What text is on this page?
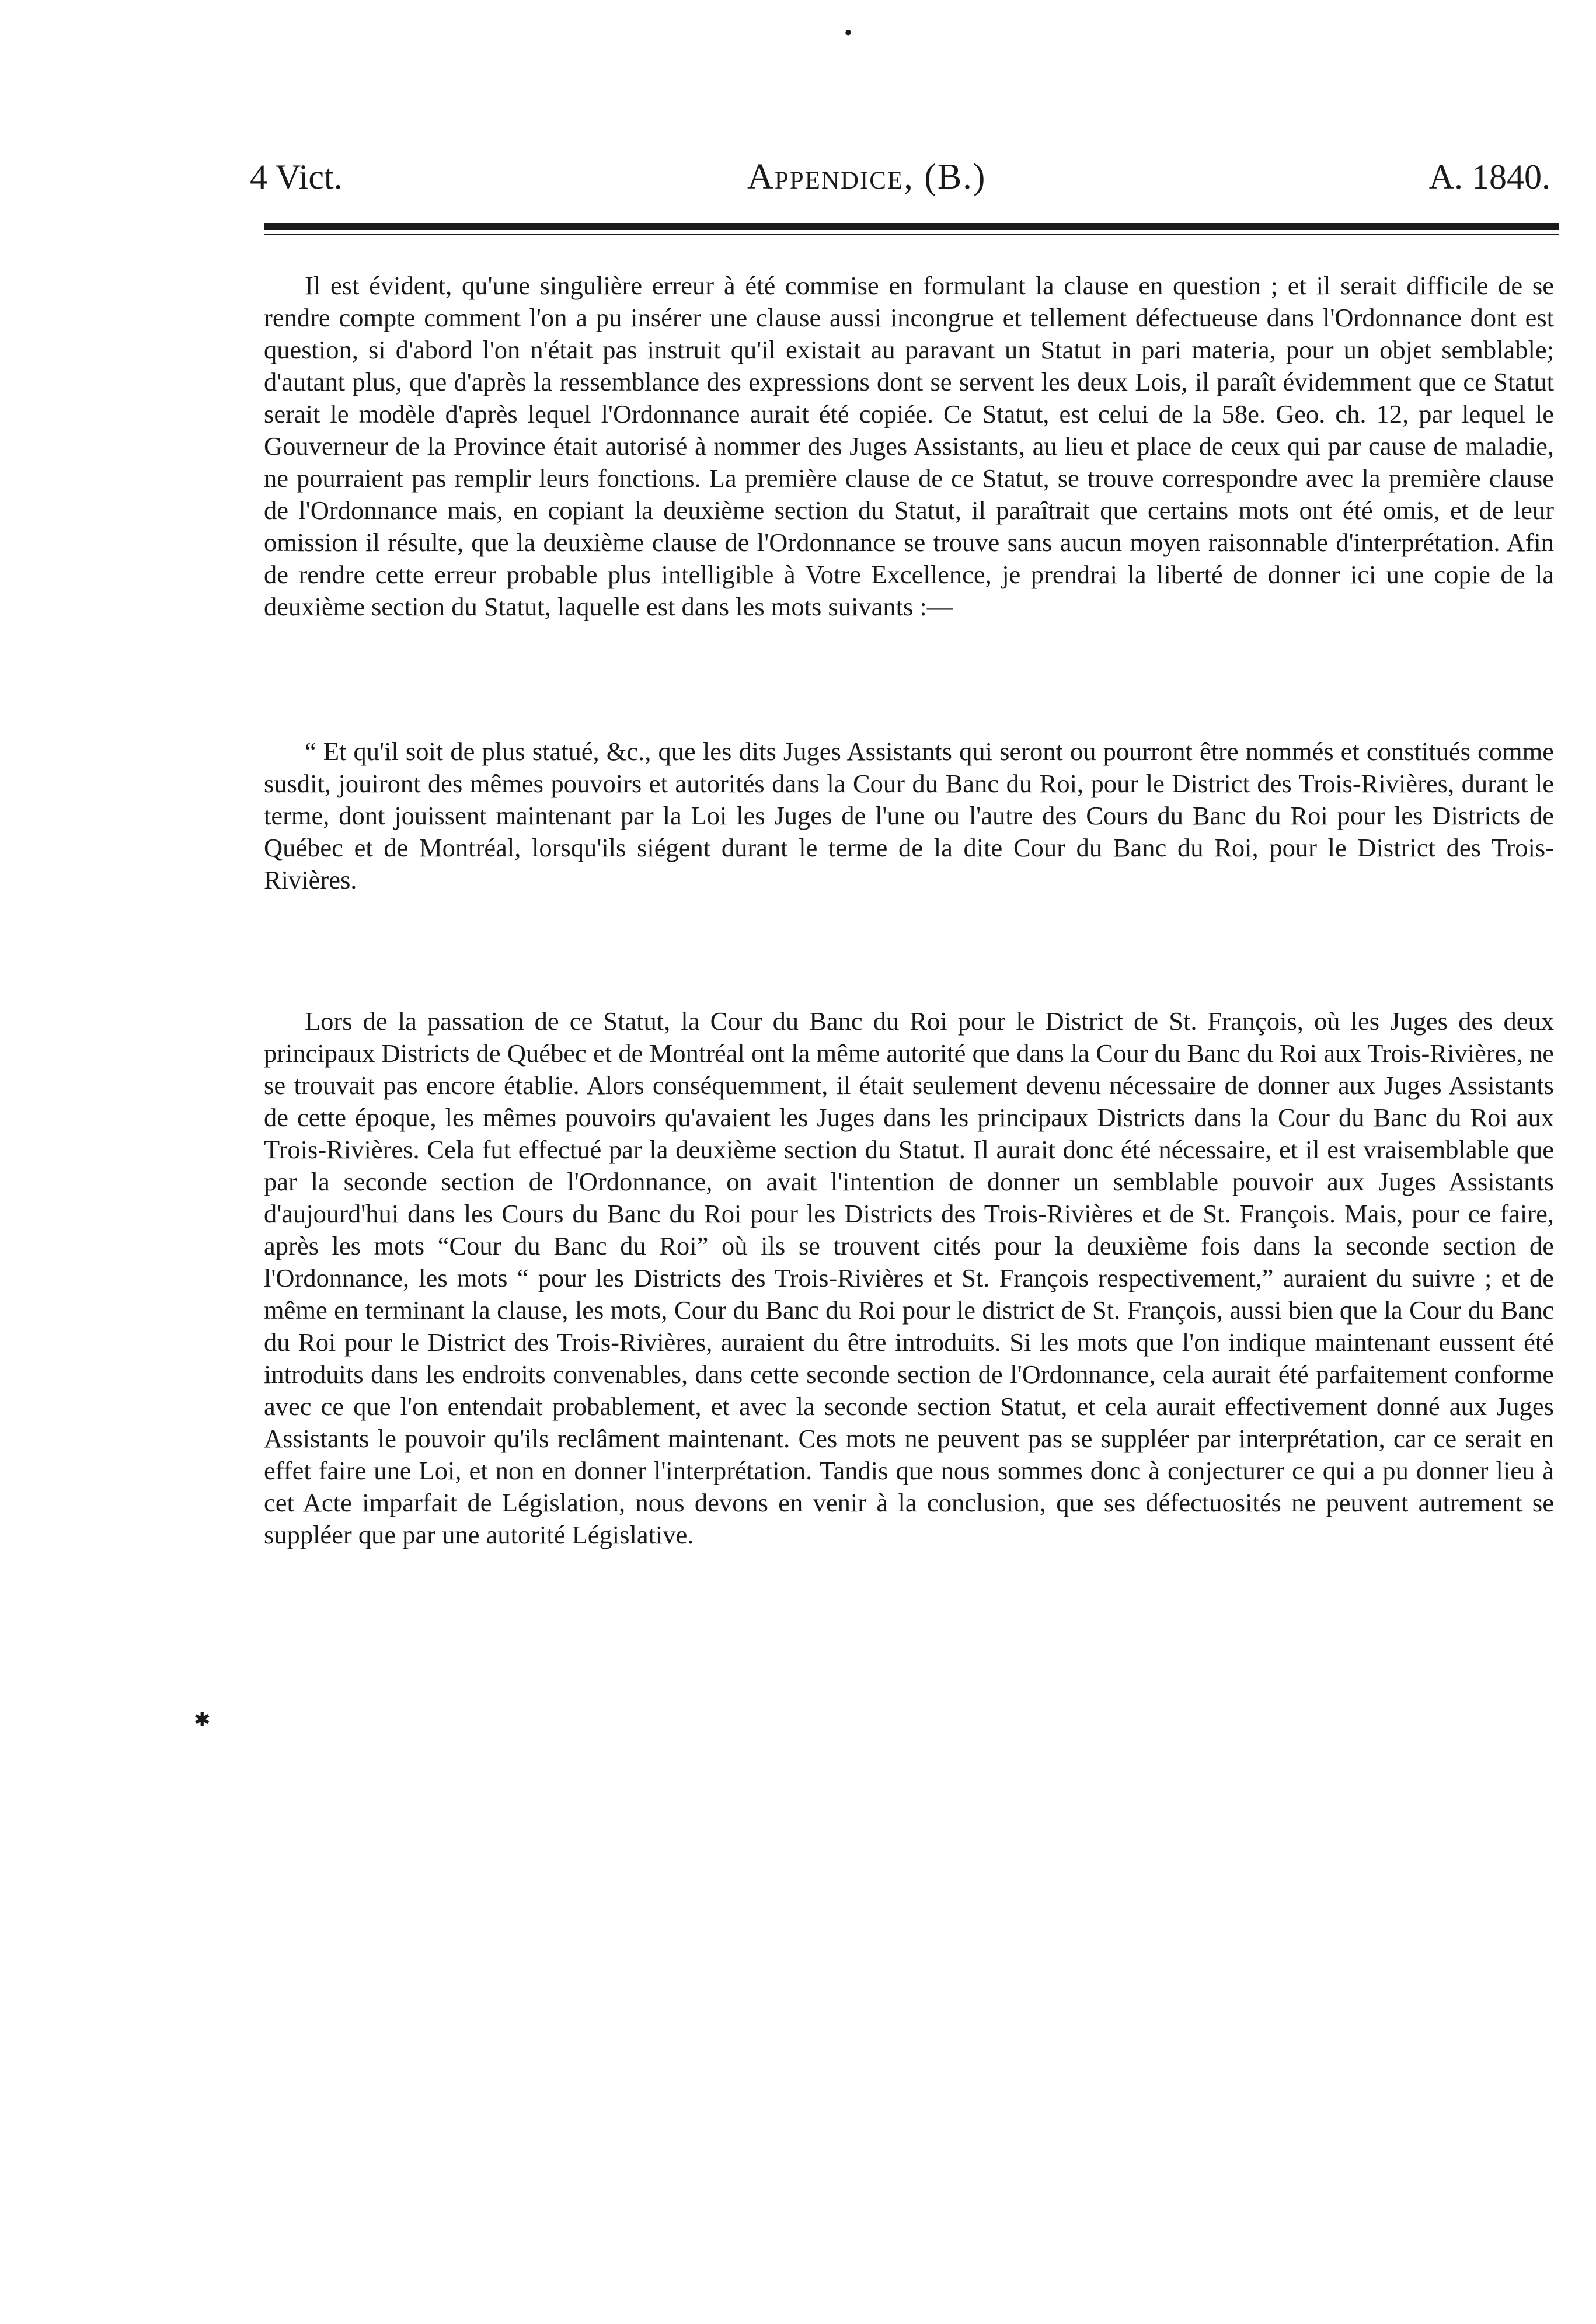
•
4 Vict.	Appendice, (B.)	A. 1840.

Il est évident, qu'une singulière erreur à été commise en formulant la clause en question ; et il serait difficile de se rendre compte comment l'on a pu insérer une clause aussi incongrue et tellement défectueuse dans l'Ordonnance dont est question, si d'abord l'on n'était pas instruit qu'il existait au paravant un Statut in pari materia, pour un objet semblable; d'autant plus, que d'après la ressemblance des expressions dont se servent les deux Lois, il paraît évidemment que ce Statut serait le modèle d'après lequel l'Ordonnance aurait été copiée. Ce Statut, est celui de la 58e. Geo. ch. 12, par lequel le Gouverneur de la Province était autorisé à nommer des Juges Assistants, au lieu et place de ceux qui par cause de maladie, ne pourraient pas remplir leurs fonctions. La première clause de ce Statut, se trouve correspondre avec la première clause de l'Ordonnance mais, en copiant la deuxième section du Statut, il paraîtrait que certains mots ont été omis, et de leur omission il résulte, que la deuxième clause de l'Ordonnance se trouve sans aucun moyen raisonnable d'interprétation. Afin de rendre cette erreur probable plus intelligible à Votre Excellence, je prendrai la liberté de donner ici une copie de la deuxième section du Statut, laquelle est dans les mots suivants :—

“ Et qu'il soit de plus statué, &c., que les dits Juges Assistants qui seront ou pourront être nommés et constitués comme susdit, jouiront des mêmes pouvoirs et autorités dans la Cour du Banc du Roi, pour le District des Trois-Rivières, durant le terme, dont jouissent maintenant par la Loi les Juges de l'une ou l'autre des Cours du Banc du Roi pour les Districts de Québec et de Montréal, lorsqu'ils siégent durant le terme de la dite Cour du Banc du Roi, pour le District des Trois-Rivières.

Lors de la passation de ce Statut, la Cour du Banc du Roi pour le District de St. François, où les Juges des deux principaux Districts de Québec et de Montréal ont la même autorité que dans la Cour du Banc du Roi aux Trois-Rivières, ne se trouvait pas encore établie. Alors conséquemment, il était seulement devenu nécessaire de donner aux Juges Assistants de cette époque, les mêmes pouvoirs qu'avaient les Juges dans les principaux Districts dans la Cour du Banc du Roi aux Trois-Rivières. Cela fut effectué par la deuxième section du Statut. Il aurait donc été nécessaire, et il est vraisemblable que par la seconde section de l'Ordonnance, on avait l'intention de donner un semblable pouvoir aux Juges Assistants d'aujourd'hui dans les Cours du Banc du Roi pour les Districts des Trois-Rivières et de St. François. Mais, pour ce faire, après les mots “Cour du Banc du Roi” où ils se trouvent cités pour la deuxième fois dans la seconde section de l'Ordonnance, les mots “ pour les Districts des Trois-Rivières et St. François respectivement,” auraient du suivre ; et de même en terminant la clause, les mots, Cour du Banc du Roi pour le district de St. François, aussi bien que la Cour du Banc du Roi pour le District des Trois-Rivières, auraient du être introduits. Si les mots que l'on indique maintenant eussent été introduits dans les endroits convenables, dans cette seconde section de l'Ordonnance, cela aurait été parfaitement conforme avec ce que l'on entendait probablement, et avec la seconde section Statut, et cela aurait effectivement donné aux Juges Assistants le pouvoir qu'ils reclâment maintenant. Ces mots ne peuvent pas se suppléer par interprétation, car ce serait en effet faire une Loi, et non en donner l'interprétation. Tandis que nous sommes donc à conjecturer ce qui a pu donner lieu à cet Acte imparfait de Législation, nous devons en venir à la conclusion, que ses défectuosités ne peuvent autrement se suppléer que par une autorité Législative.

✱
